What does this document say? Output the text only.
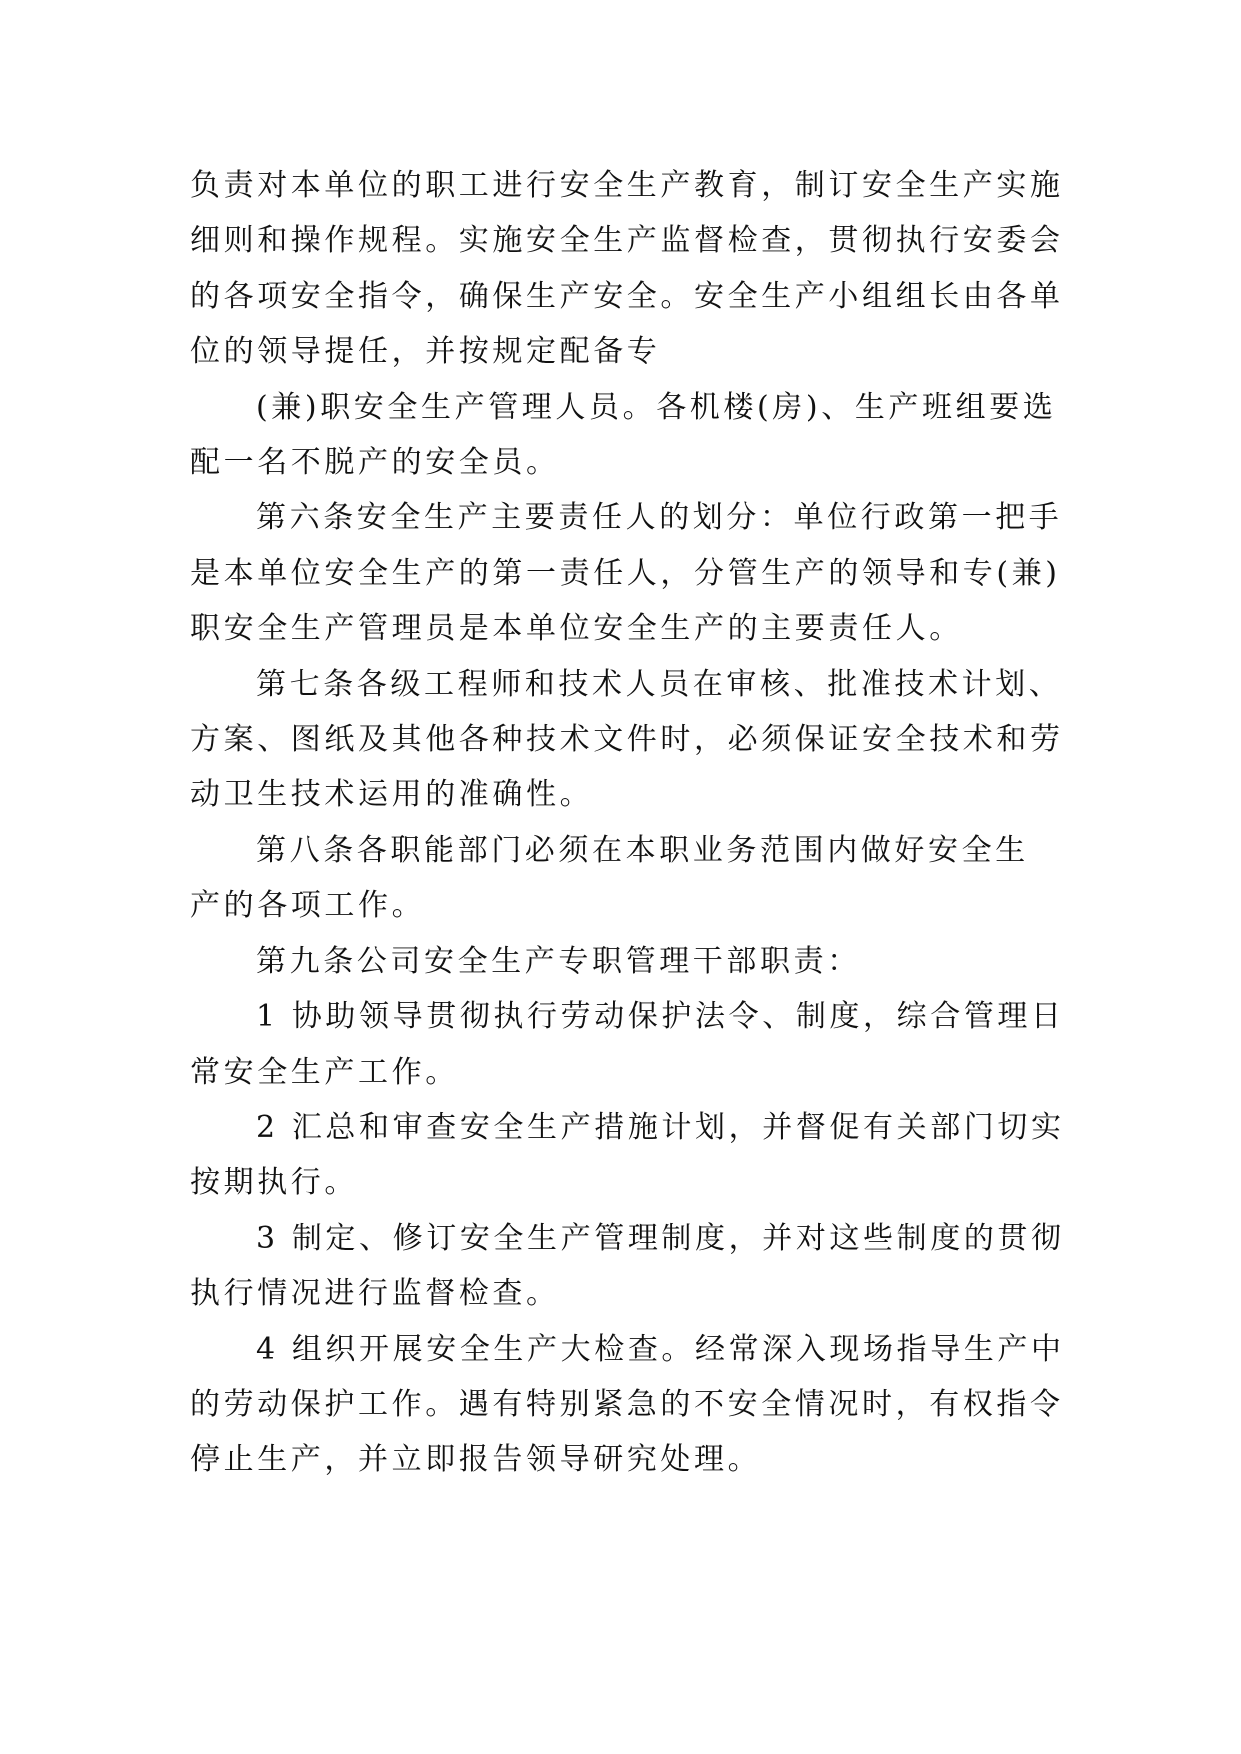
负责对本单位的职工进行安全生产教育，制订安全生产实施
细则和操作规程。实施安全生产监督检查，贯彻执行安委会
的各项安全指令，确保生产安全。安全生产小组组长由各单
位的领导提任，并按规定配备专
(兼)职安全生产管理人员。各机楼(房)、生产班组要选
配一名不脱产的安全员。
第六条安全生产主要责任人的划分：单位行政第一把手
是本单位安全生产的第一责任人，分管生产的领导和专(兼)
职安全生产管理员是本单位安全生产的主要责任人。
第七条各级工程师和技术人员在审核、批准技术计划、
方案、图纸及其他各种技术文件时，必须保证安全技术和劳
动卫生技术运用的准确性。
第八条各职能部门必须在本职业务范围内做好安全生
产的各项工作。
第九条公司安全生产专职管理干部职责：
1 协助领导贯彻执行劳动保护法令、制度，综合管理日
常安全生产工作。
2 汇总和审查安全生产措施计划，并督促有关部门切实
按期执行。
3 制定、修订安全生产管理制度，并对这些制度的贯彻
执行情况进行监督检查。
4 组织开展安全生产大检查。经常深入现场指导生产中
的劳动保护工作。遇有特别紧急的不安全情况时，有权指令
停止生产，并立即报告领导研究处理。
